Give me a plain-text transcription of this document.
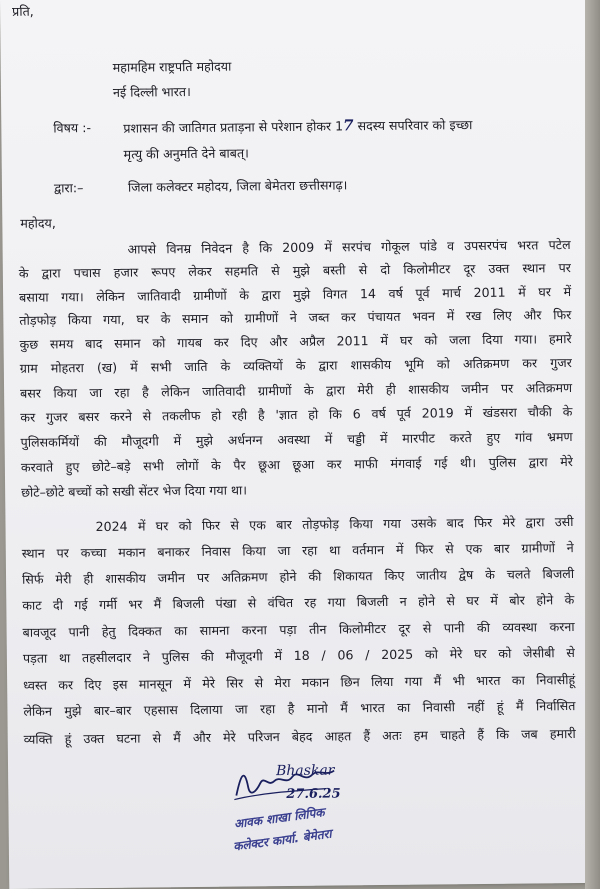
प्रति,
महामहिम राष्ट्रपति महोदया
नई दिल्ली भारत।
विषय :-	प्रशासन की जातिगत प्रताड़ना से परेशान होकर 17 सदस्य सपरिवार को इच्छा
मृत्यु की अनुमति देने बाबत्।
द्वारा:–	जिला कलेक्टर महोदय, जिला बेमेतरा छत्तीसगढ़।
महोदय,
आपसे विनम्र निवेदन है कि 2009 में सरपंच गोकूल पांडे व उपसरपंच भरत पटेल
के द्वारा पचास हजार रूपए लेकर सहमति से मुझे बस्ती से दो किलोमीटर दूर उक्त स्थान पर
बसाया गया। लेकिन जातिवादी ग्रामीणों के द्वारा मुझे विगत 14 वर्ष पूर्व मार्च 2011 में घर में
तोड़फोड़ किया गया, घर के समान को ग्रामीणों ने जब्त कर पंचायत भवन में रख लिए और फिर
कुछ समय बाद समान को गायब कर दिए और अप्रैल 2011 में घर को जला दिया गया। हमारे
ग्राम मोहतरा (ख) में सभी जाति के व्यक्तियों के द्वारा शासकीय भूमि को अतिक्रमण कर गुजर
बसर किया जा रहा है लेकिन जातिवादी ग्रामीणों के द्वारा मेरी ही शासकीय जमीन पर अतिक्रमण
कर गुजर बसर करने से तकलीफ हो रही है 'ज्ञात हो कि 6 वर्ष पूर्व 2019 में खंडसरा चौकी के
पुलिसकर्मियों की मौजूदगी में मुझे अर्धनग्न अवस्था में चड्डी में मारपीट करते हुए गांव भ्रमण
करवाते हुए छोटे–बड़े सभी लोगों के पैर छूआ छूआ कर माफी मंगवाई गई थी। पुलिस द्वारा मेरे
छोटे–छोटे बच्चों को सखी सेंटर भेज दिया गया था।
2024 में घर को फिर से एक बार तोड़फोड़ किया गया उसके बाद फिर मेरे द्वारा उसी
स्थान पर कच्चा मकान बनाकर निवास किया जा रहा था वर्तमान में फिर से एक बार ग्रामीणों ने
सिर्फ मेरी ही शासकीय जमीन पर अतिक्रमण होने की शिकायत किए जातीय द्वेष के चलते बिजली
काट दी गई गर्मी भर मैं बिजली पंखा से वंचित रह गया बिजली न होने से घर में बोर होने के
बावजूद पानी हेतु दिक्कत का सामना करना पड़ा तीन किलोमीटर दूर से पानी की व्यवस्था करना
पड़ता था तहसीलदार ने पुलिस की मौजूदगी में 18 / 06 / 2025 को मेरे घर को जेसीबी से
ध्वस्त कर दिए इस मानसून में मेरे सिर से मेरा मकान छिन लिया गया मैं भी भारत का निवासीहूं
लेकिन मुझे बार–बार एहसास दिलाया जा रहा है मानो मैं भारत का निवासी नहीं हूं मैं निर्वासित
व्यक्ति हूं उक्त घटना से मैं और मेरे परिजन बेहद आहत हैं अतः हम चाहते हैं कि जब हमारी
Bhaskar
27.6.25
आवक शाखा लिपिक
कलेक्टर कार्या. बेमेतरा
